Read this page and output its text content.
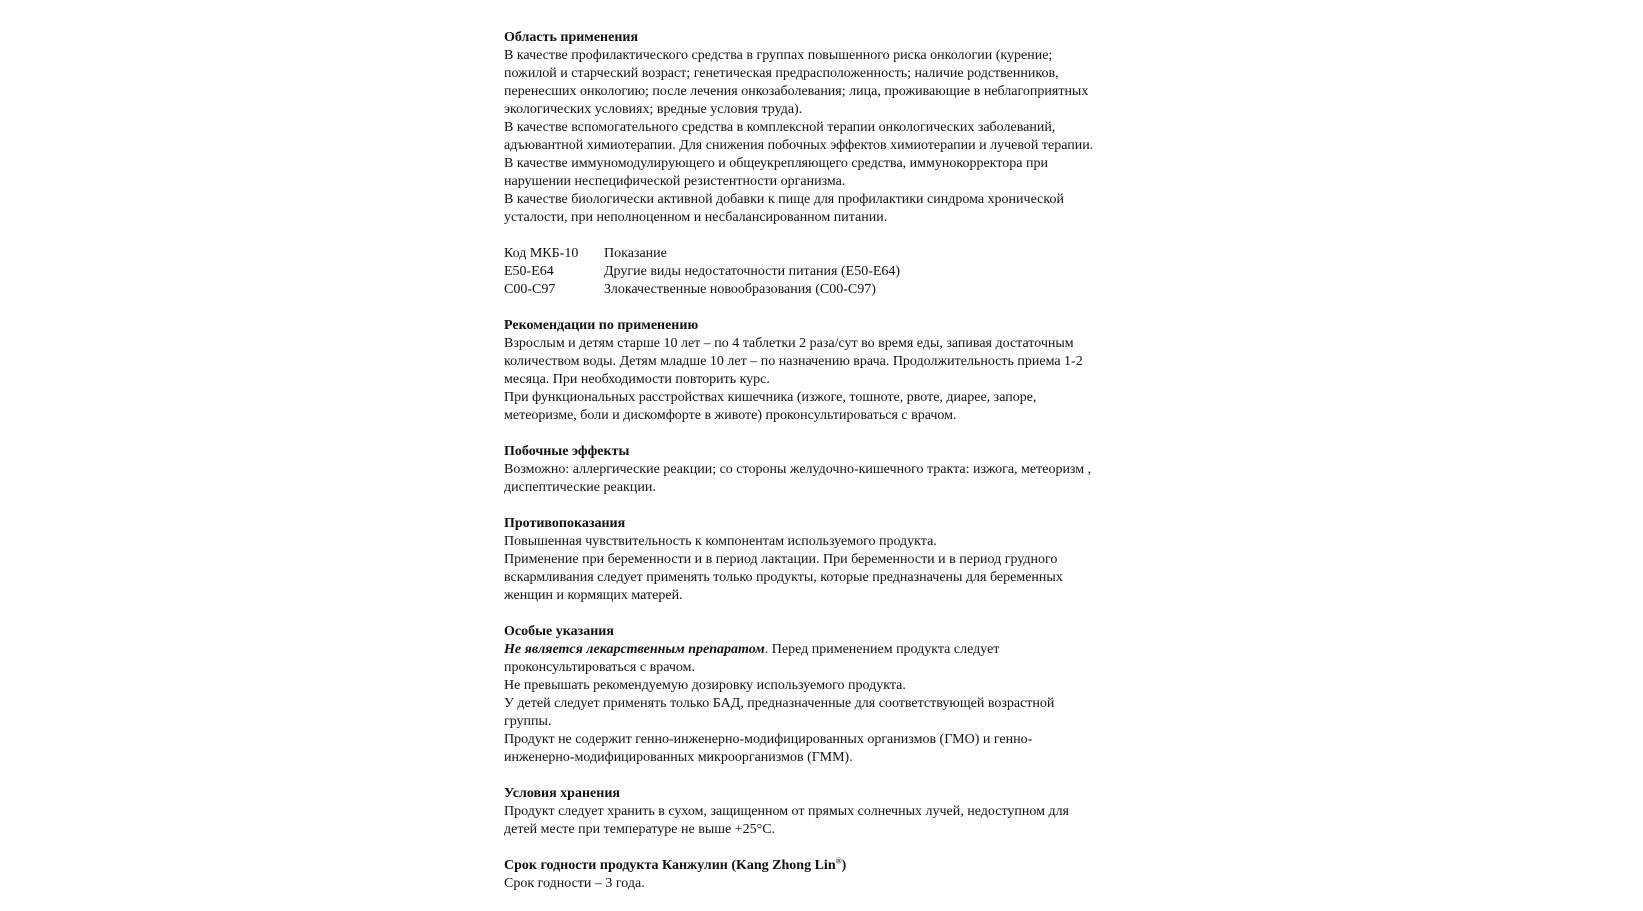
Область применения
В качестве профилактического средства в группах повышенного риска онкологии (курение;
пожилой и старческий возраст; генетическая предрасположенность; наличие родственников,
перенесших онкологию; после лечения онкозаболевания; лица, проживающие в неблагоприятных
экологических условиях; вредные условия труда).
В качестве вспомогательного средства в комплексной терапии онкологических заболеваний,
адъювантной химиотерапии. Для снижения побочных эффектов химиотерапии и лучевой терапии.
В качестве иммуномодулирующего и общеукрепляющего средства, иммунокорректора при
нарушении неспецифической резистентности организма.
В качестве биологически активной добавки к пище для профилактики синдрома хронической
усталости, при неполноценном и несбалансированном питании.
Код МКБ-10	Показание
E50-E64	Другие виды недостаточности питания (E50-E64)
C00-C97	Злокачественные новообразования (C00-C97)
Рекомендации по применению
Взрослым и детям старше 10 лет – по 4 таблетки 2 раза/сут во время еды, запивая достаточным
количеством воды. Детям младше 10 лет – по назначению врача. Продолжительность приема 1-2
месяца. При необходимости повторить курс.
При функциональных расстройствах кишечника (изжоге, тошноте, рвоте, диарее, запоре,
метеоризме, боли и дискомфорте в животе) проконсультироваться с врачом.
Побочные эффекты
Возможно: аллергические реакции; со стороны желудочно-кишечного тракта: изжога, метеоризм ,
диспептические реакции.
Противопоказания
Повышенная чувствительность к компонентам используемого продукта.
Применение при беременности и в период лактации. При беременности и в период грудного
вскармливания следует применять только продукты, которые предназначены для беременных
женщин и кормящих матерей.
Особые указания
Не является лекарственным препаратом. Перед применением продукта следует
проконсультироваться с врачом.
Не превышать рекомендуемую дозировку используемого продукта.
У детей следует применять только БАД, предназначенные для соответствующей возрастной
группы.
Продукт не содержит генно-инженерно-модифицированных организмов (ГМО) и генно-
инженерно-модифицированных микроорганизмов (ГММ).
Условия хранения
Продукт следует хранить в сухом, защищенном от прямых солнечных лучей, недоступном для
детей месте при температуре не выше +25°C.
Срок годности продукта Канжулин (Kang Zhong Lin®)
Срок годности – 3 года.
